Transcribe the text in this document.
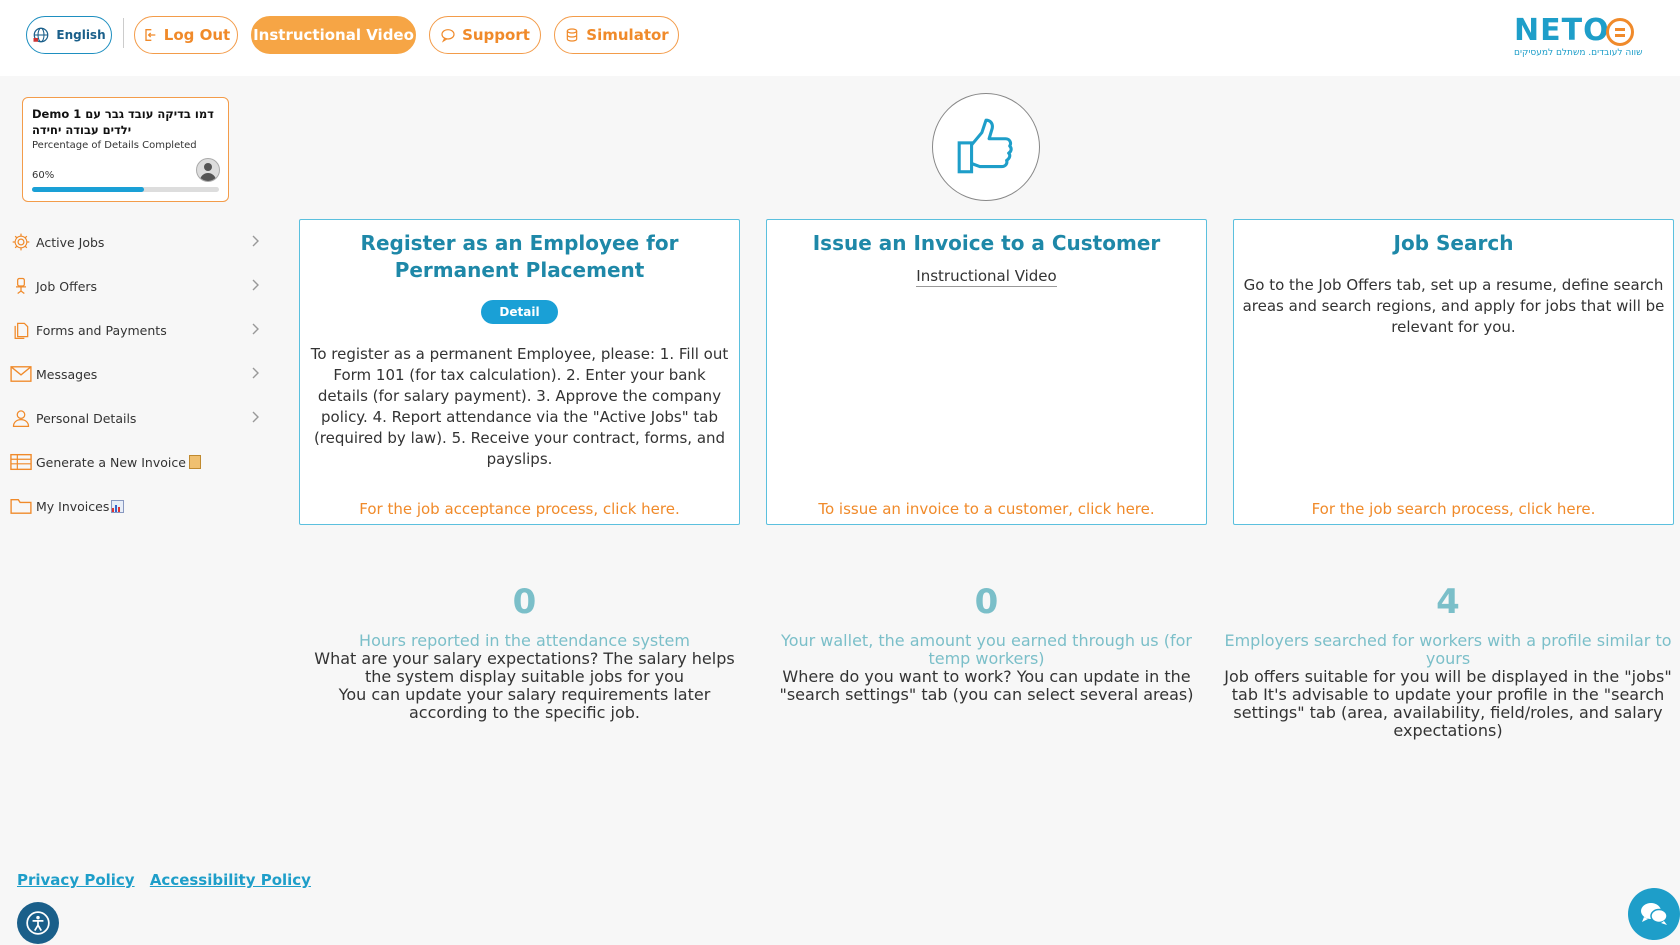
English	Log Out Instructional Video	Support	Simulator	NETO
שווה לעובדים. משתלם למעסיקים
Demo 1 דמו בדיקה עובד גבר עם ילדים עבודה יחידה
Percentage of Details Completed
60%
Active Jobs
Job Offers
Forms and Payments
Messages
Personal Details
Generate a New Invoice
My Invoices
Register as an Employee for Permanent Placement
Detail
To register as a permanent Employee, please: 1. Fill out Form 101 (for tax calculation). 2. Enter your bank details (for salary payment). 3. Approve the company policy. 4. Report attendance via the "Active Jobs" tab (required by law). 5. Receive your contract, forms, and payslips.
For the job acceptance process, click here.
Issue an Invoice to a Customer
Instructional Video
To issue an invoice to a customer, click here.
Job Search
Go to the Job Offers tab, set up a resume, define search areas and search regions, and apply for jobs that will be relevant for you.
For the job search process, click here.
0
Hours reported in the attendance system
What are your salary expectations? The salary helps the system display suitable jobs for you
You can update your salary requirements later according to the specific job.
0
Your wallet, the amount you earned through us (for temp workers)
Where do you want to work? You can update in the "search settings" tab (you can select several areas)
4
Employers searched for workers with a profile similar to yours
Job offers suitable for you will be displayed in the "jobs" tab It's advisable to update your profile in the "search settings" tab (area, availability, field/roles, and salary expectations)
Privacy Policy Accessibility Policy
